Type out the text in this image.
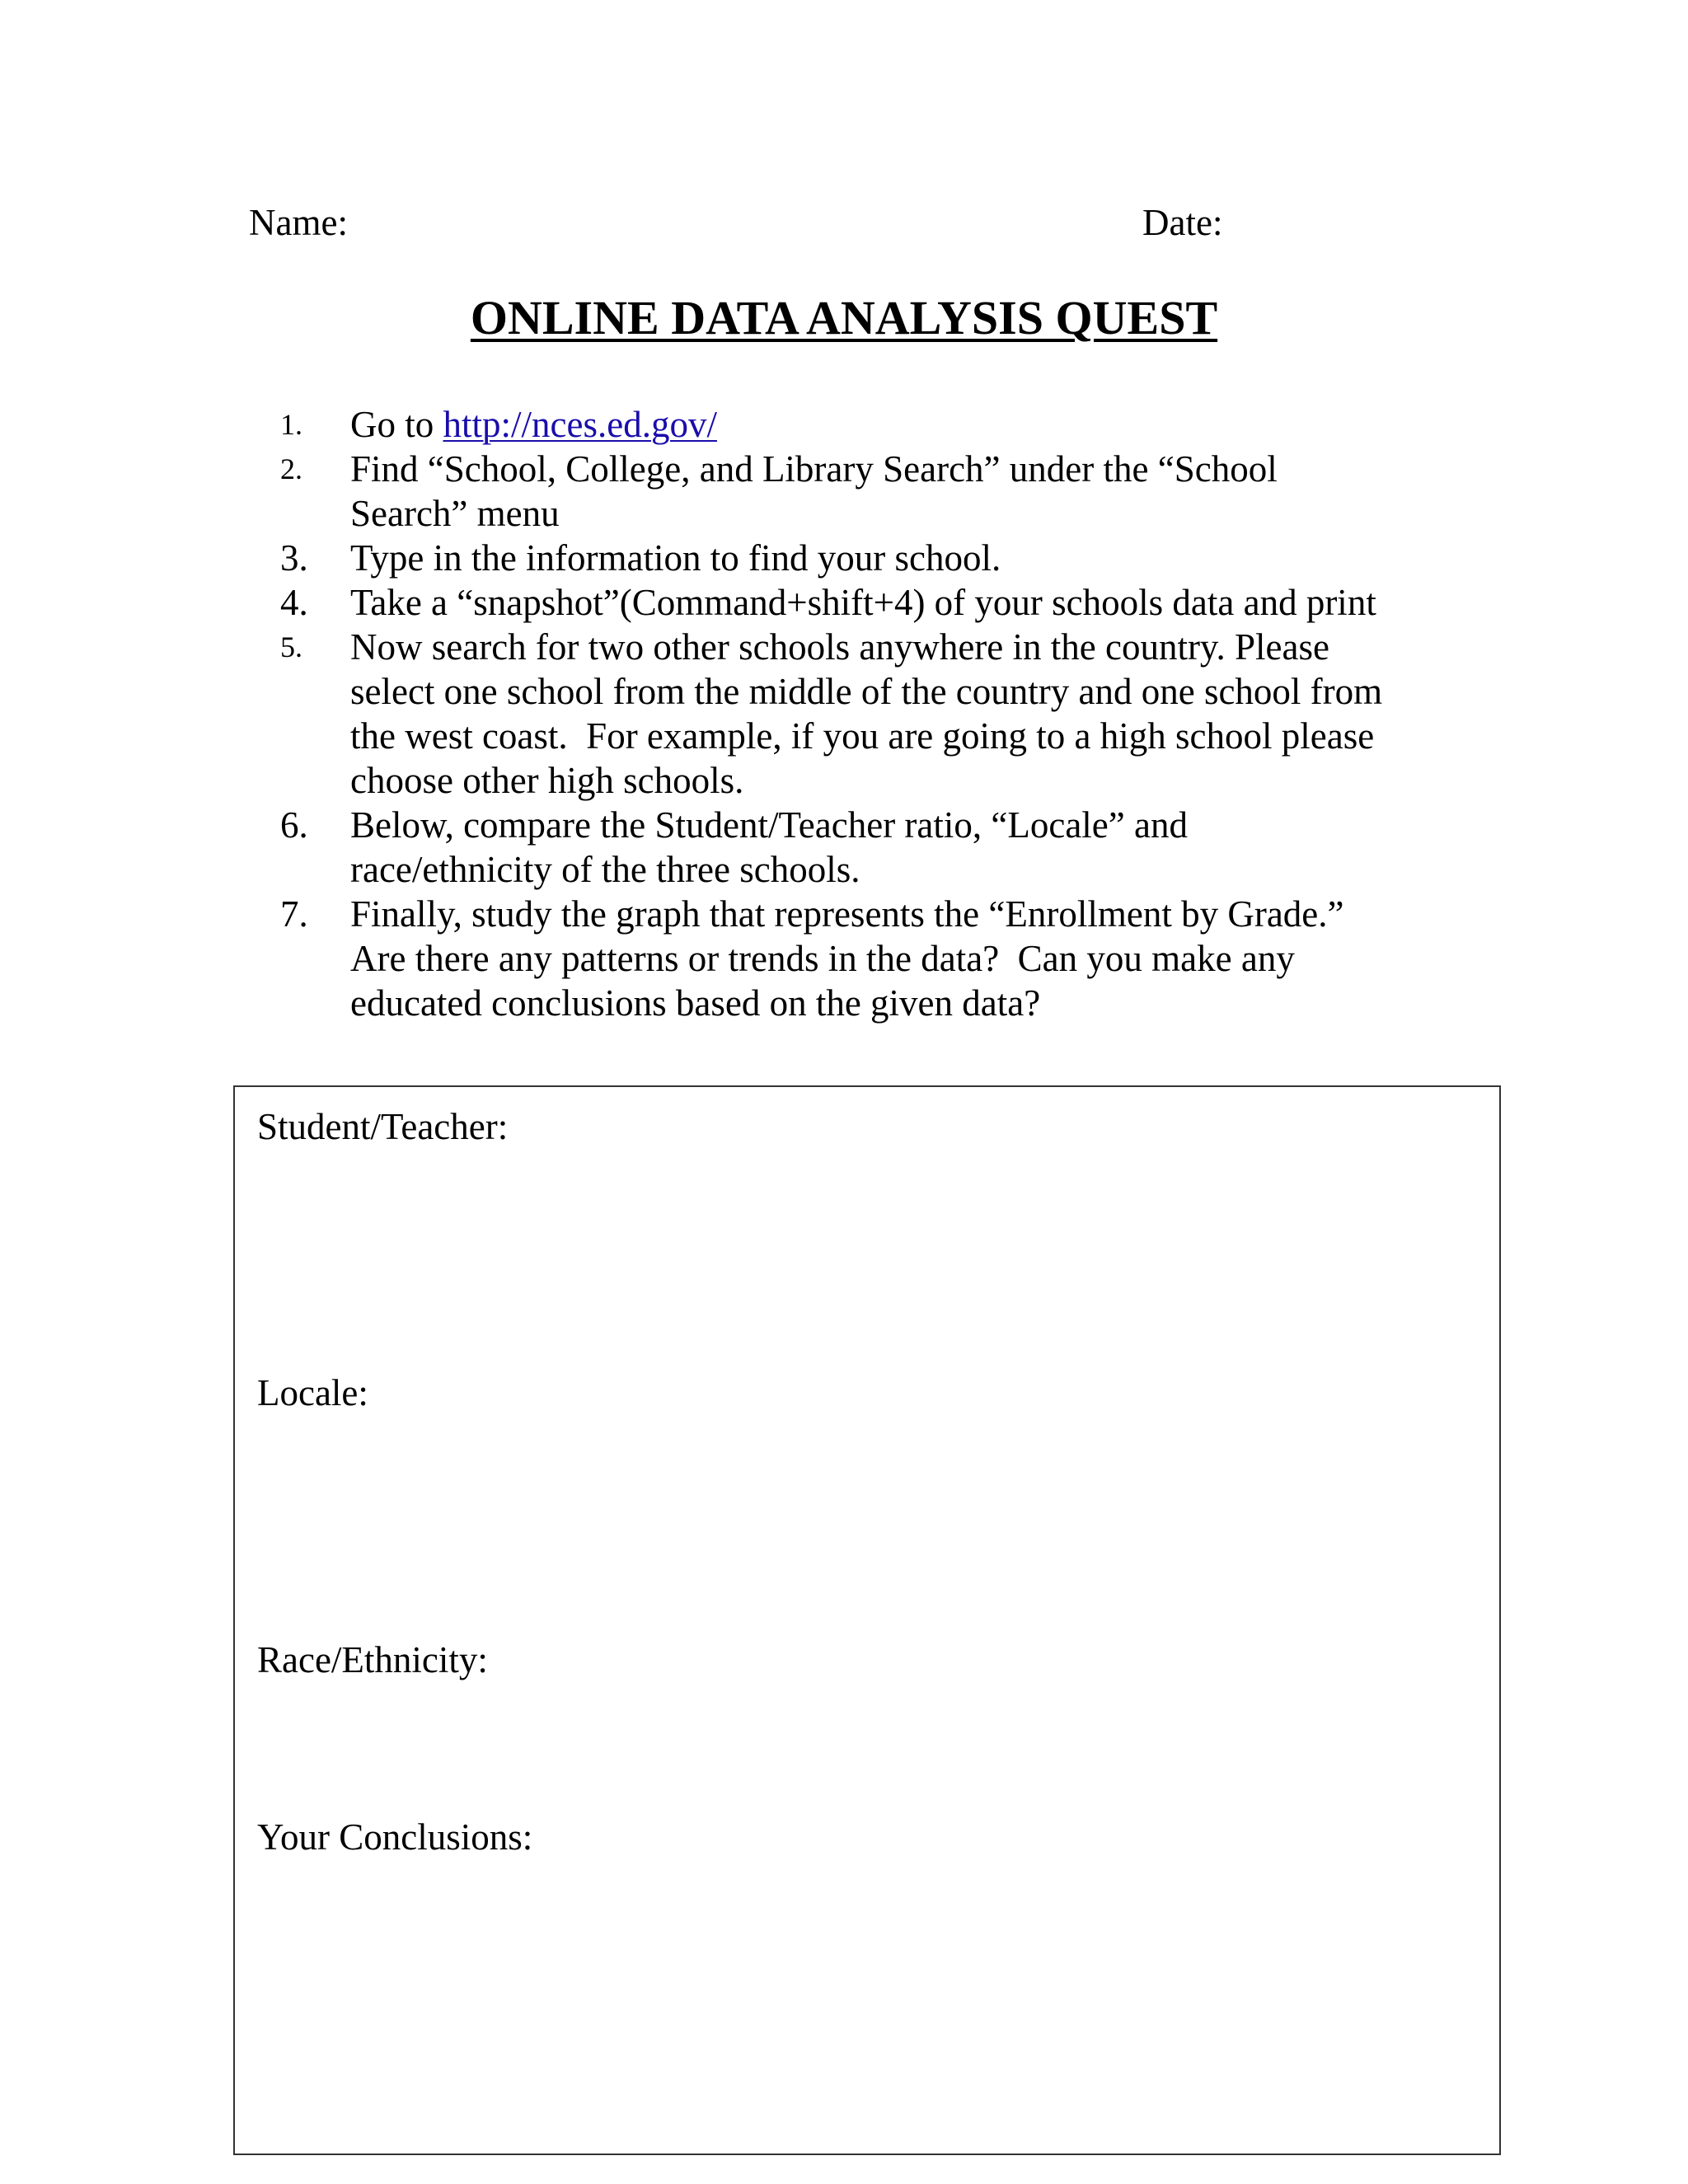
Name:	Date:
ONLINE DATA ANALYSIS QUEST
1.	Go to http://nces.ed.gov/
2.	Find “School, College, and Library Search” under the “School
Search” menu
3.	Type in the information to find your school.
4.	Take a “snapshot”(Command+shift+4) of your schools data and print
5.	Now search for two other schools anywhere in the country. Please
select one school from the middle of the country and one school from
the west coast.  For example, if you are going to a high school please
choose other high schools.
6.	Below, compare the Student/Teacher ratio, “Locale” and
race/ethnicity of the three schools.
7.	Finally, study the graph that represents the “Enrollment by Grade.”
Are there any patterns or trends in the data?  Can you make any
educated conclusions based on the given data?
Student/Teacher:
Locale:
Race/Ethnicity:
Your Conclusions:
